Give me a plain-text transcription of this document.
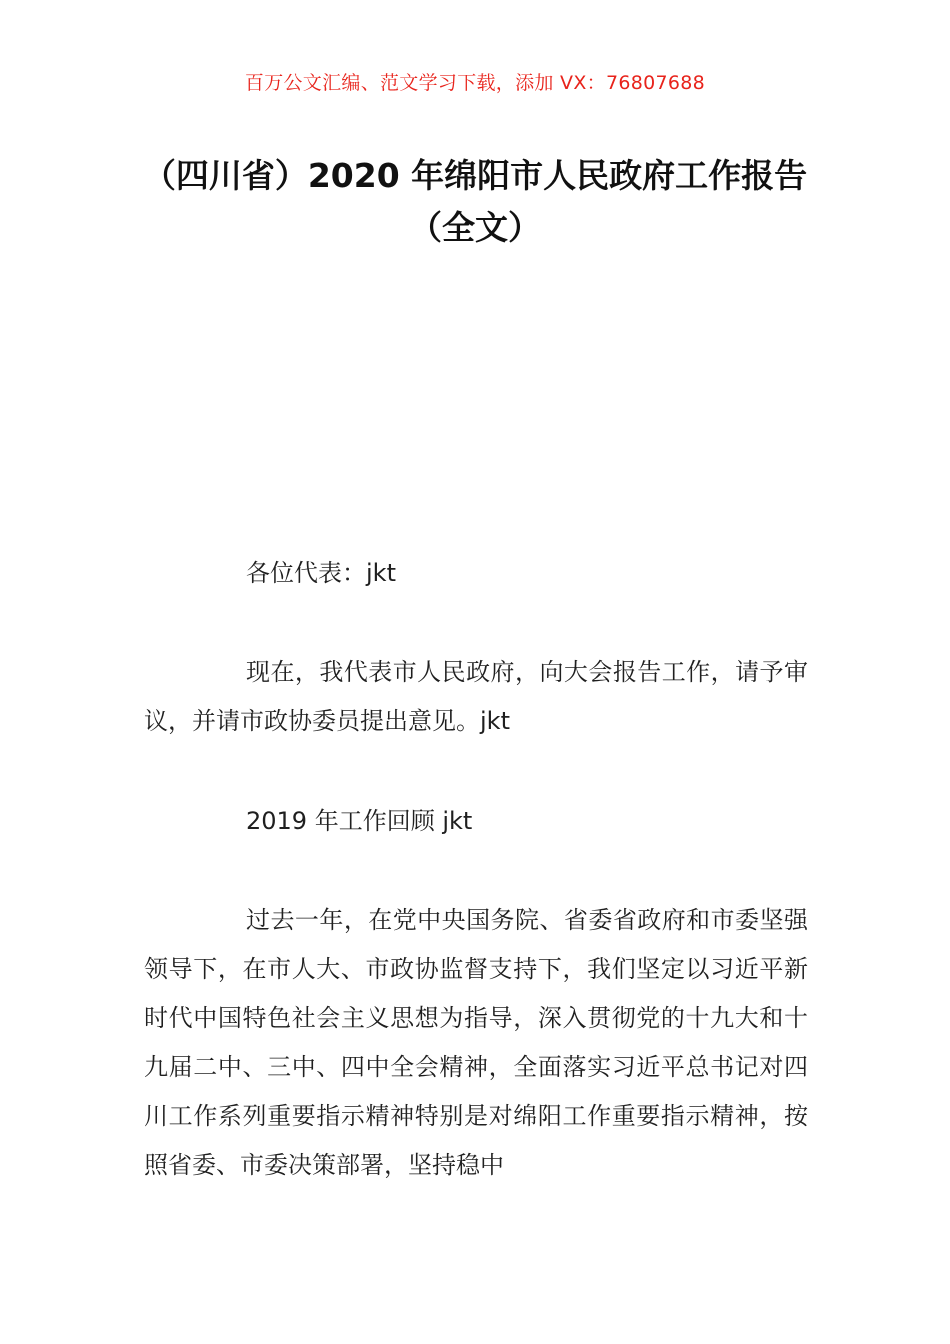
百万公文汇编、范文学习下载，添加 VX：76807688
（四川省）2020 年绵阳市人民政府工作报告（全文）
各位代表：jkt
现在，我代表市人民政府，向大会报告工作，请予审议，并请市政协委员提出意见。jkt
2019 年工作回顾 jkt
过去一年，在党中央国务院、省委省政府和市委坚强领导下，在市人大、市政协监督支持下，我们坚定以习近平新时代中国特色社会主义思想为指导，深入贯彻党的十九大和十九届二中、三中、四中全会精神，全面落实习近平总书记对四川工作系列重要指示精神特别是对绵阳工作重要指示精神，按照省委、市委决策部署，坚持稳中
